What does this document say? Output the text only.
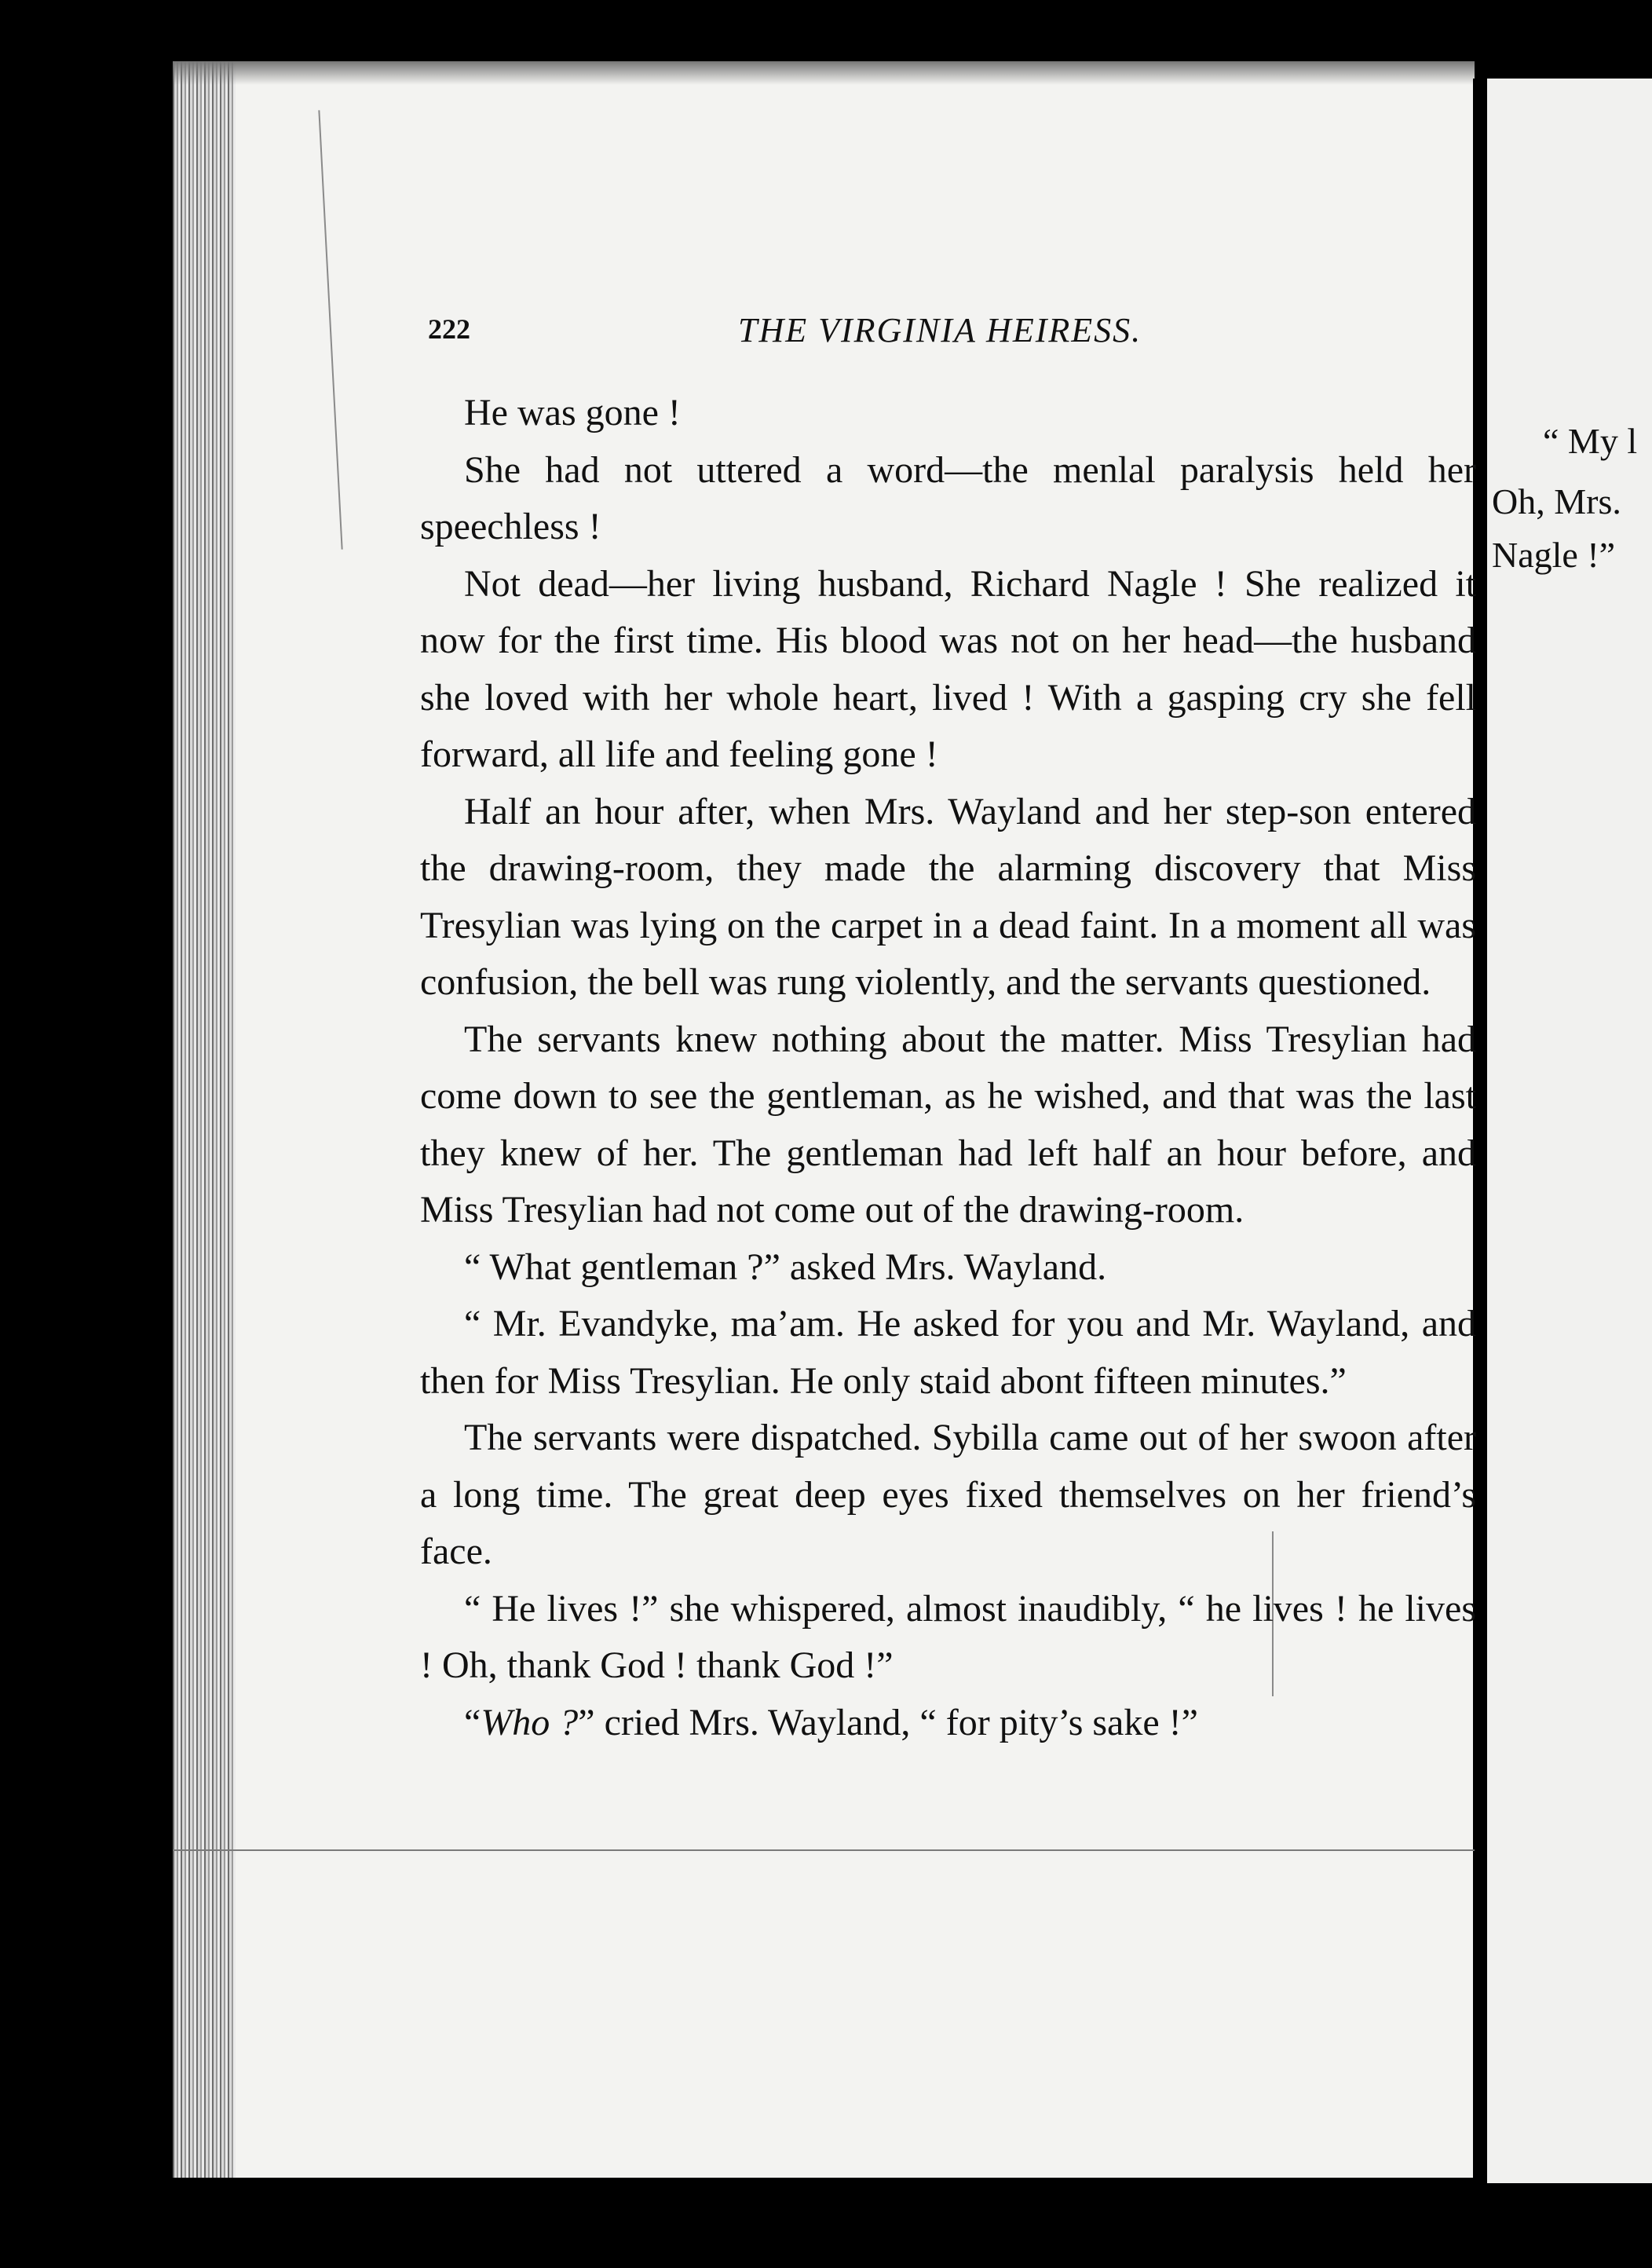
“ My l
Oh, Mrs.
Nagle !”
222	THE VIRGINIA HEIRESS.

He was gone !

She had not uttered a word—the menlal paralysis held her speechless !

Not dead—her living husband, Richard Nagle ! She realized it now for the first time. His blood was not on her head—the husband she loved with her whole heart, lived ! With a gasping cry she fell forward, all life and feeling gone !

Half an hour after, when Mrs. Wayland and her step-son entered the drawing-room, they made the alarming discovery that Miss Tresylian was lying on the carpet in a dead faint. In a moment all was confusion, the bell was rung violently, and the servants questioned.

The servants knew nothing about the matter. Miss Tresylian had come down to see the gentleman, as he wished, and that was the last they knew of her. The gentleman had left half an hour before, and Miss Tresylian had not come out of the drawing-room.

“ What gentleman ?” asked Mrs. Wayland.

“ Mr. Evandyke, ma’am. He asked for you and Mr. Wayland, and then for Miss Tresylian. He only staid abont fifteen minutes.”

The servants were dispatched. Sybilla came out of her swoon after a long time. The great deep eyes fixed themselves on her friend’s face.

“ He lives !” she whispered, almost inaudibly, “ he lives ! he lives ! Oh, thank God ! thank God !”

“Who ?” cried Mrs. Wayland, “ for pity’s sake !”
